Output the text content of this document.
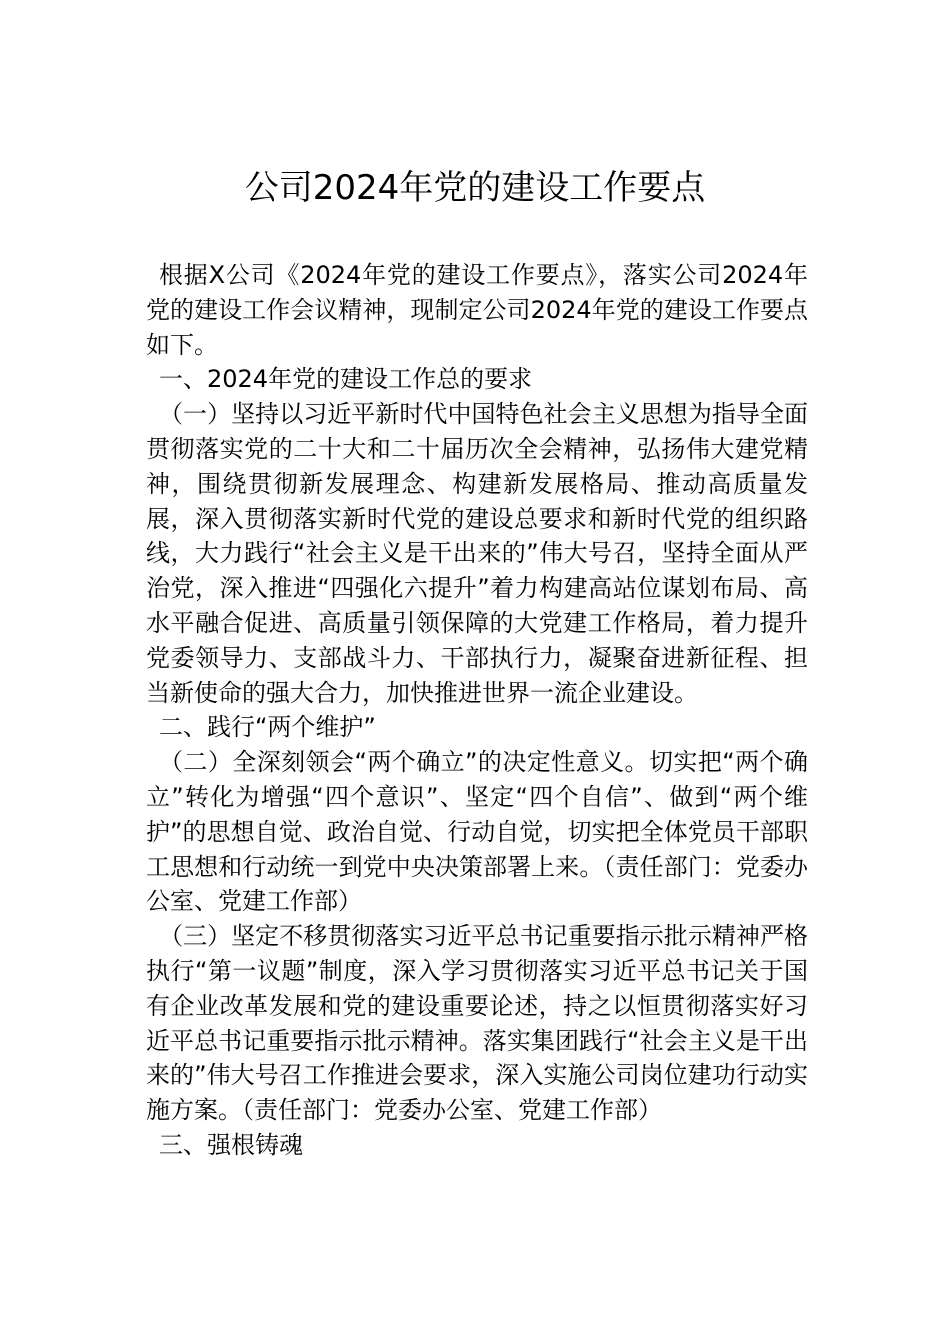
公司2024年党的建设工作要点

根据X公司《2024年党的建设工作要点》，落实公司2024年党的建设工作会议精神，现制定公司2024年党的建设工作要点如下。

一、2024年党的建设工作总的要求

（一）坚持以习近平新时代中国特色社会主义思想为指导全面贯彻落实党的二十大和二十届历次全会精神，弘扬伟大建党精神，围绕贯彻新发展理念、构建新发展格局、推动高质量发展，深入贯彻落实新时代党的建设总要求和新时代党的组织路线，大力践行“社会主义是干出来的”伟大号召，坚持全面从严治党，深入推进“四强化六提升”着力构建高站位谋划布局、高水平融合促进、高质量引领保障的大党建工作格局，着力提升党委领导力、支部战斗力、干部执行力，凝聚奋进新征程、担当新使命的强大合力，加快推进世界一流企业建设。

二、践行“两个维护”

（二）全深刻领会“两个确立”的决定性意义。切实把“两个确立”转化为增强“四个意识”、坚定“四个自信”、做到“两个维护”的思想自觉、政治自觉、行动自觉，切实把全体党员干部职工思想和行动统一到党中央决策部署上来。（责任部门：党委办公室、党建工作部）

（三）坚定不移贯彻落实习近平总书记重要指示批示精神严格执行“第一议题”制度，深入学习贯彻落实习近平总书记关于国有企业改革发展和党的建设重要论述，持之以恒贯彻落实好习近平总书记重要指示批示精神。落实集团践行“社会主义是干出来的”伟大号召工作推进会要求，深入实施公司岗位建功行动实施方案。（责任部门：党委办公室、党建工作部）

三、强根铸魂
